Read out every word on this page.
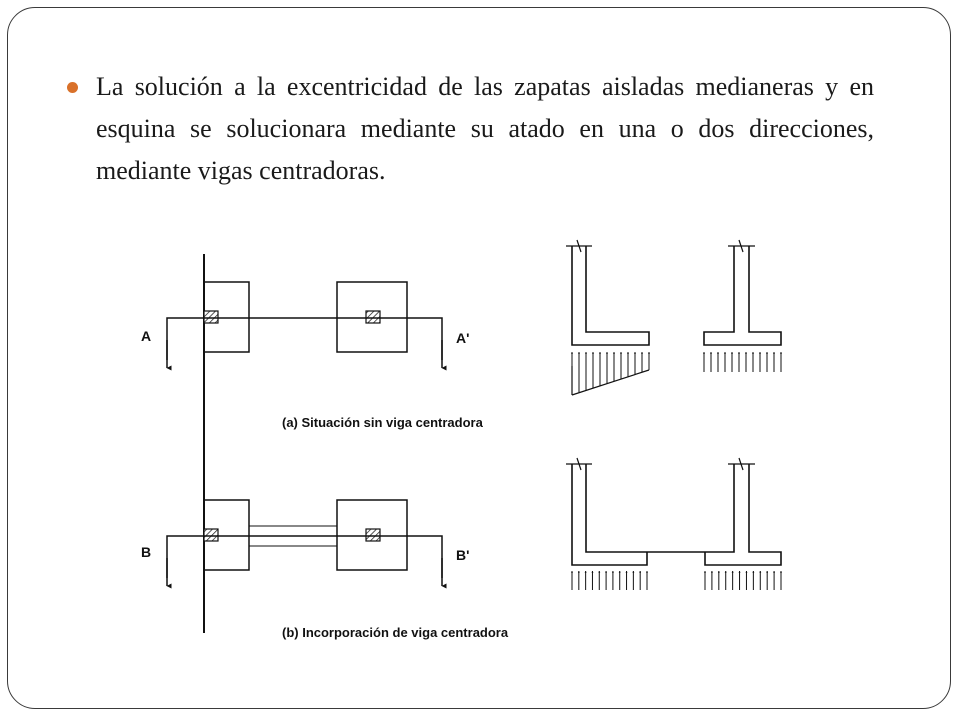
La solución a la excentricidad de las zapatas aisladas medianeras y en esquina se solucionara mediante su atado en una o dos direcciones, mediante vigas centradoras.

A	A'
(a) Situación sin viga centradora
B	B'
(b) Incorporación de viga centradora
